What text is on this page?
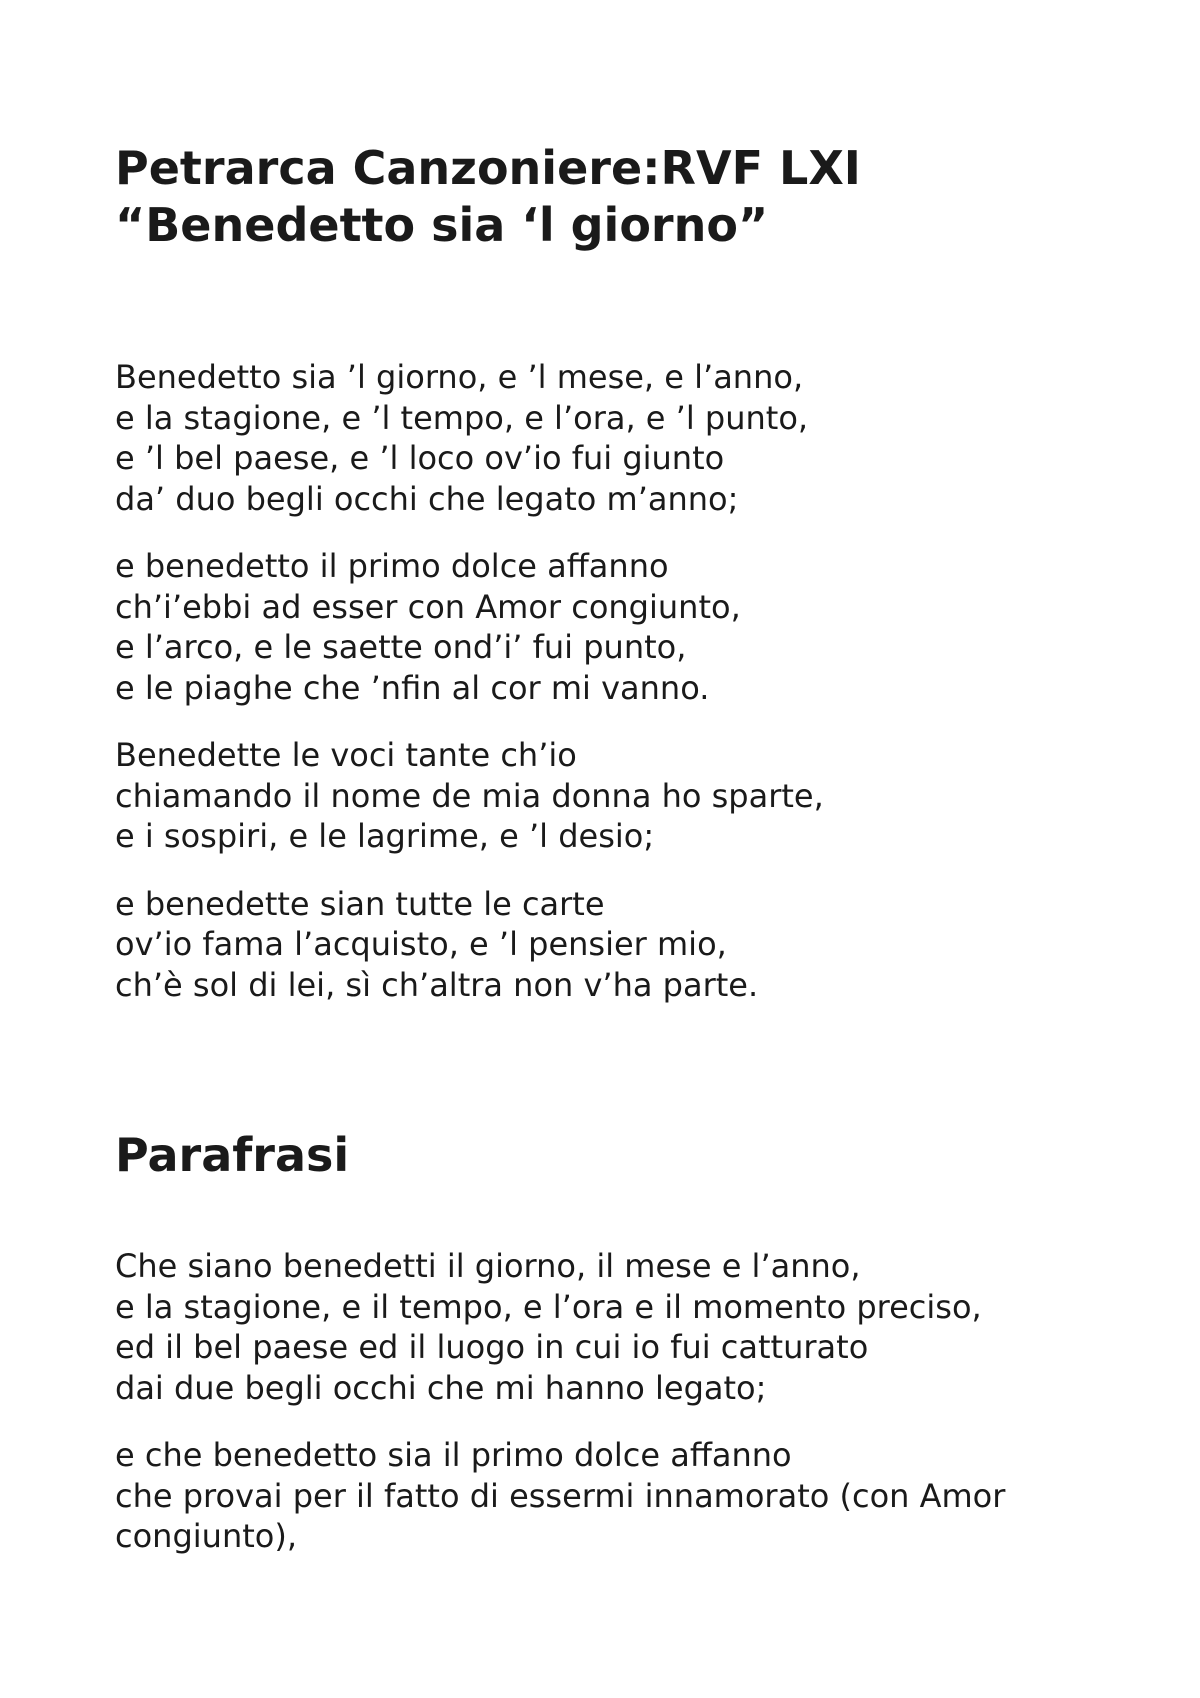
Petrarca Canzoniere:RVF LXI
“Benedetto sia ‘l giorno”

Benedetto sia ’l giorno, e ’l mese, e l’anno,
e la stagione, e ’l tempo, e l’ora, e ’l punto,
e ’l bel paese, e ’l loco ov’io fui giunto
da’ duo begli occhi che legato m’anno;

e benedetto il primo dolce affanno
ch’i’ebbi ad esser con Amor congiunto,
e l’arco, e le saette ond’i’ fui punto,
e le piaghe che ’nfin al cor mi vanno.

Benedette le voci tante ch’io
chiamando il nome de mia donna ho sparte,
e i sospiri, e le lagrime, e ’l desio;

e benedette sian tutte le carte
ov’io fama l’acquisto, e ’l pensier mio,
ch’è sol di lei, sì ch’altra non v’ha parte.

Parafrasi

Che siano benedetti il giorno, il mese e l’anno,
e la stagione, e il tempo, e l’ora e il momento preciso,
ed il bel paese ed il luogo in cui io fui catturato
dai due begli occhi che mi hanno legato;

e che benedetto sia il primo dolce affanno
che provai per il fatto di essermi innamorato (con Amor congiunto),
